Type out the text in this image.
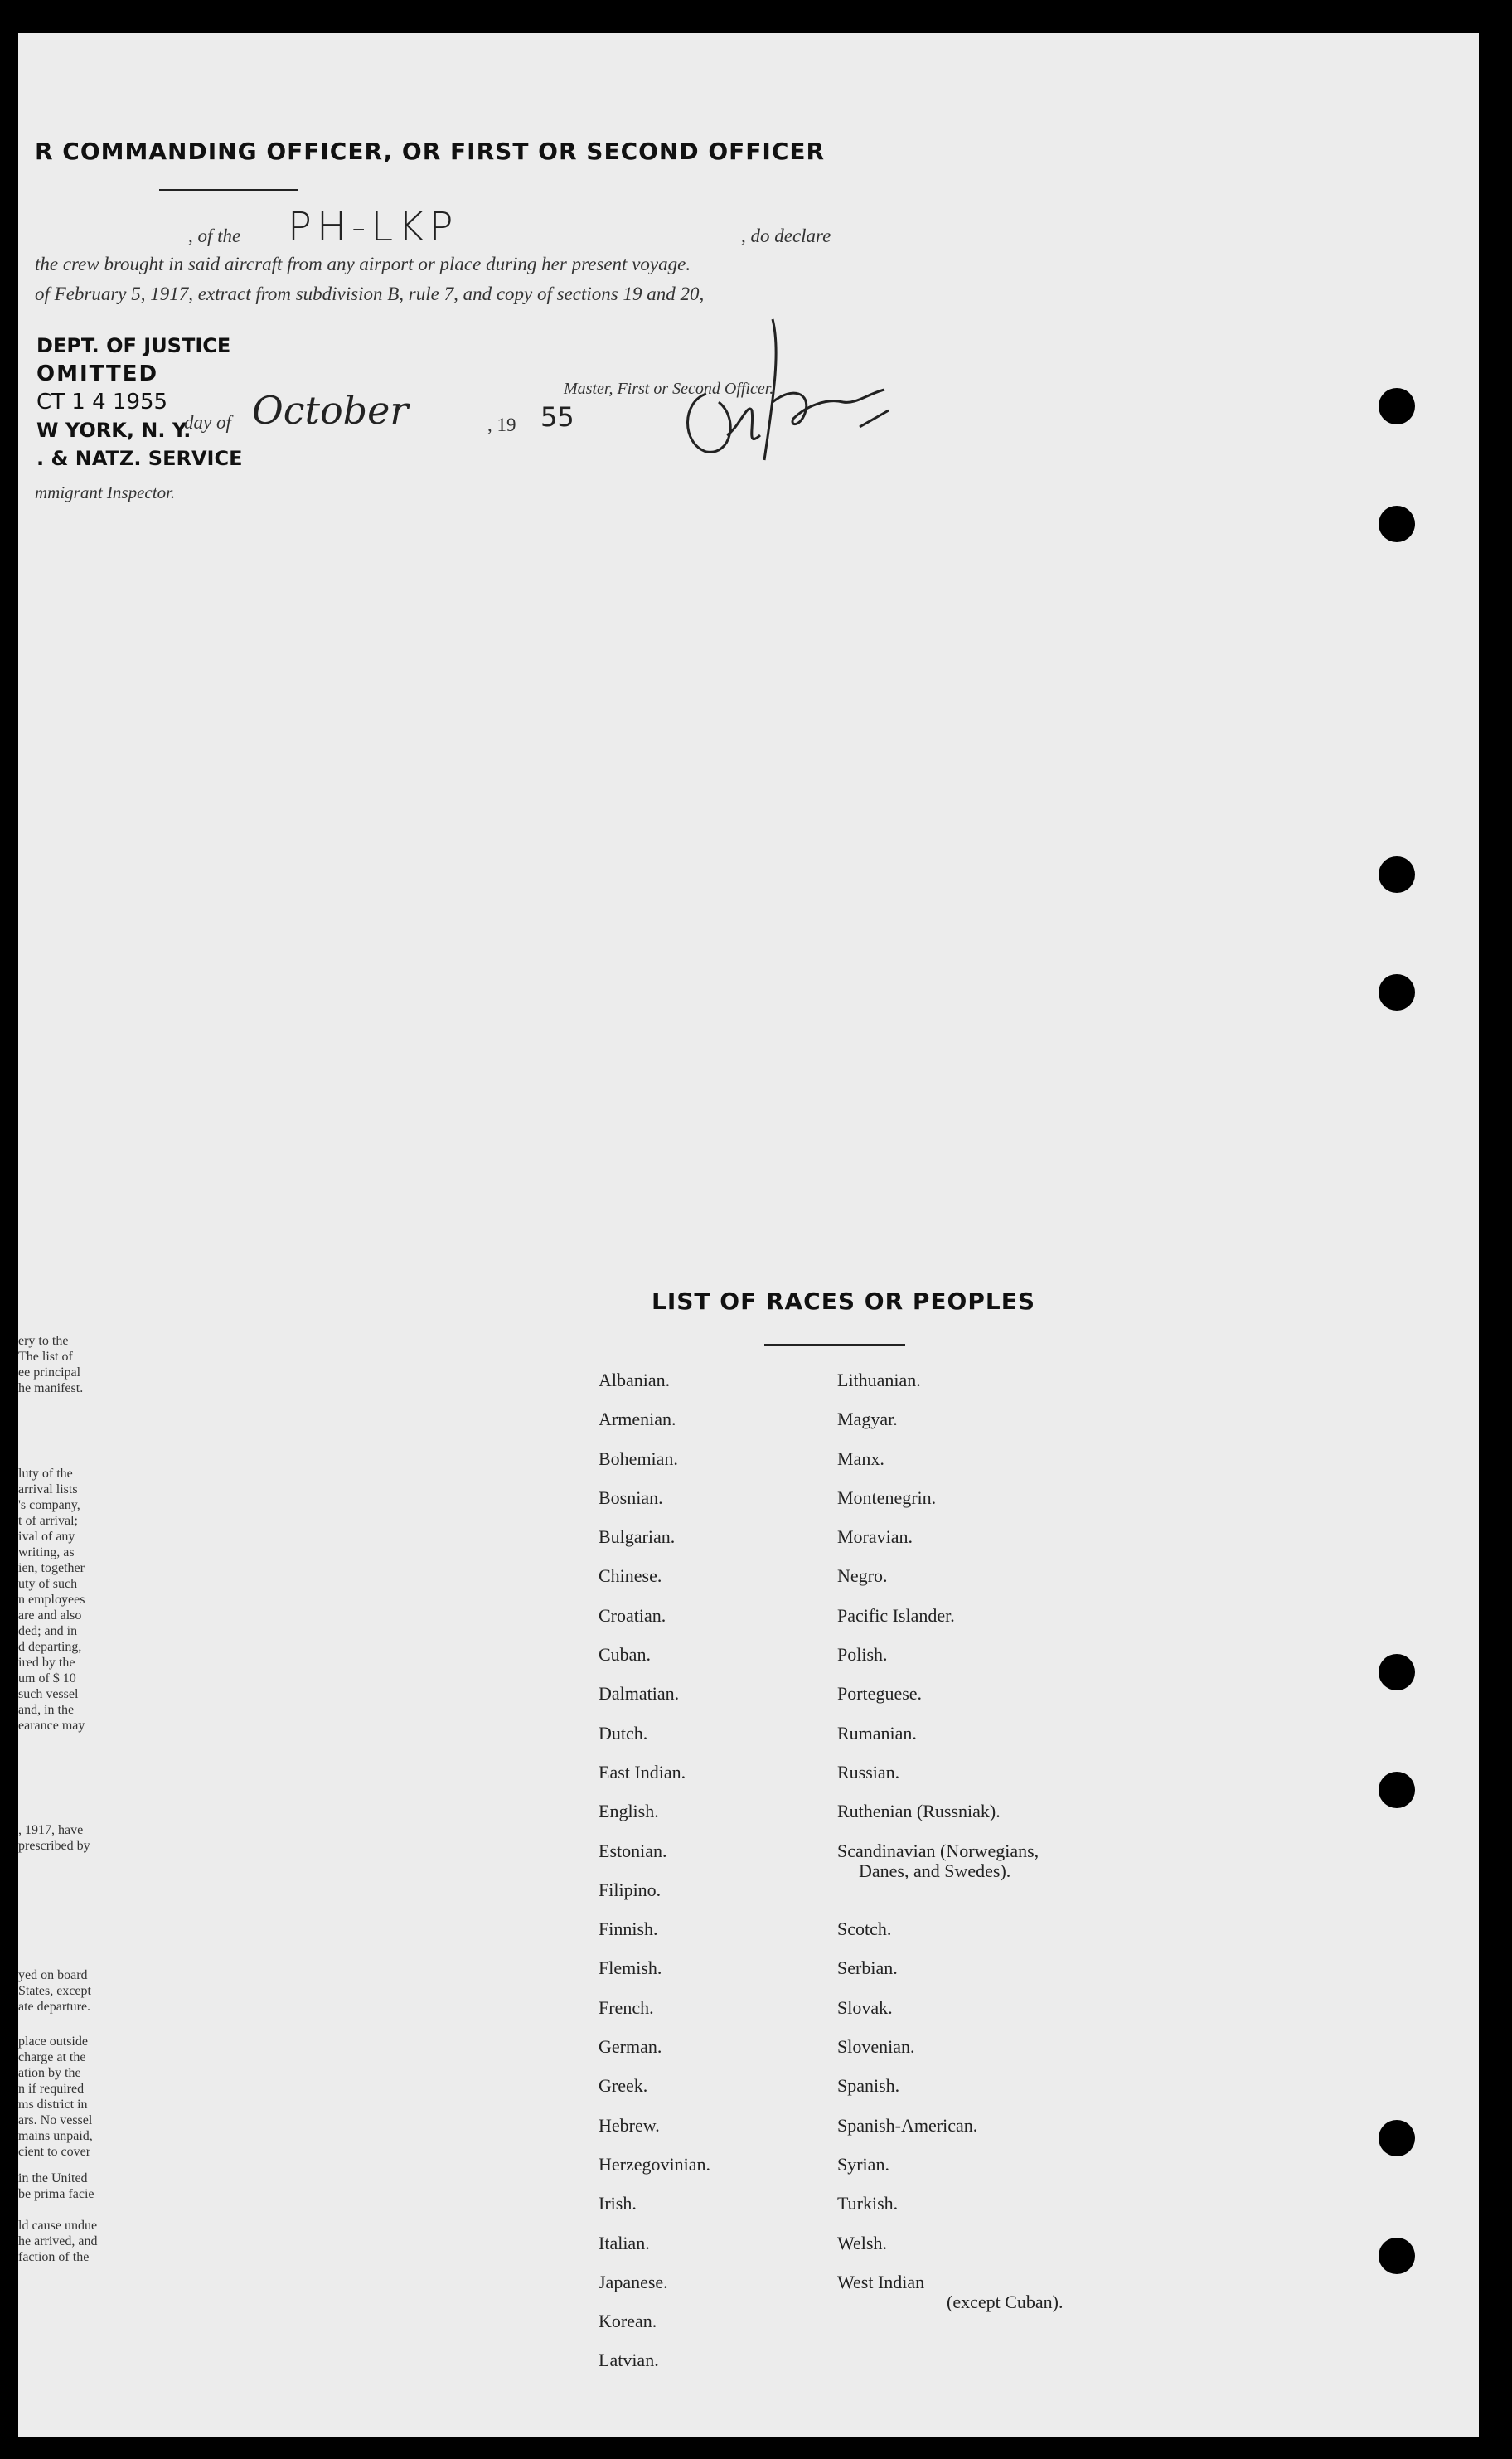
R COMMANDING OFFICER, OR FIRST OR SECOND OFFICER
, of the PH-LKP	, do declare
the crew brought in said aircraft from any airport or place during her present voyage.
of February 5, 1917, extract from subdivision B, rule 7, and copy of sections 19 and 20,
DEPT. OF JUSTICE
OMITTED
CT 1 4 1955
W YORK, N. Y.
. & NATZ. SERVICE
day of October	, 19 55
Master, First or Second Officer.
mmigrant Inspector.
LIST OF RACES OR PEOPLES
Albanian.
Armenian.
Bohemian.
Bosnian.
Bulgarian.
Chinese.
Croatian.
Cuban.
Dalmatian.
Dutch.
East Indian.
English.
Estonian.
Filipino.
Finnish.
Flemish.
French.
German.
Greek.
Hebrew.
Herzegovinian.
Irish.
Italian.
Japanese.
Korean.
Latvian.
Lithuanian.
Magyar.
Manx.
Montenegrin.
Moravian.
Negro.
Pacific Islander.
Polish.
Porteguese.
Rumanian.
Russian.
Ruthenian (Russniak).
Scandinavian (Norwegians,
Danes, and Swedes).
Scotch.
Serbian.
Slovak.
Slovenian.
Spanish.
Spanish-American.
Syrian.
Turkish.
Welsh.
West Indian
(except Cuban).
ery to the
The list of
ee principal
he manifest.
luty of the
arrival lists
's company,
t of arrival;
ival of any
writing, as
ien, together
uty of such
n employees
are and also
ded; and in
d departing,
ired by the
um of $ 10
such vessel
and, in the
earance may
, 1917, have
prescribed by
yed on board
States, except
ate departure.
place outside
charge at the
ation by the
n if required
ms district in
ars. No vessel
mains unpaid,
cient to cover
in the United
be prima facie
ld cause undue
he arrived, and
faction of the
